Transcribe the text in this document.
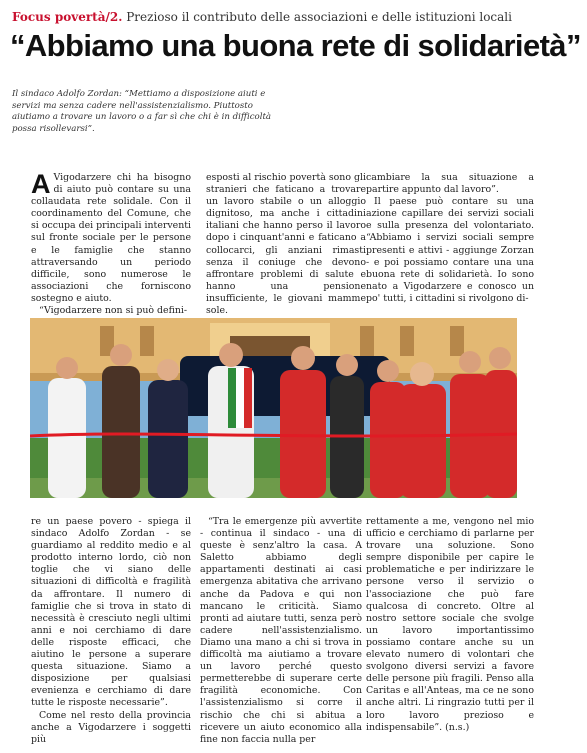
Focus povertà/2. Prezioso il contributo delle associazioni e delle istituzioni locali
“Abbiamo una buona rete di solidarietà”
Il sindaco Adolfo Zordan: “Mettiamo a disposizione aiuti e servizi ma senza cadere nell'assistenzialismo. Piuttosto aiutiamo a trovare un lavoro o a far sì che chi è in difficoltà possa risollevarsi”.

A Vigodarzere chi ha bisogno di aiuto può contare su una collaudata rete solidale. Con il coordinamento del Comune, che si occupa dei principali interventi sul fronte sociale per le persone e le famiglie che stanno attraversando un periodo difficile, sono numerose le associazioni che forniscono sostegno e aiuto.

“Vigodarzere non si può defini-

esposti al rischio povertà sono gli stranieri che faticano a trovare un lavoro stabile o un alloggio dignitoso, ma anche i cittadini italiani che hanno perso il lavoro dopo i cinquant'anni e faticano a collocarci, gli anziani rimasti senza il coniuge che devono affrontare problemi di salute e hanno una pensione insufficiente, le giovani mamme sole.

cambiare la sua situazione a partire appunto dal lavoro”.

Il paese può contare su una azione capillare dei servizi sociali e sulla presenza del volontariato. “Abbiamo i servizi sociali sempre presenti e attivi - aggiunge Zorzan - e poi possiamo contare una una buona rete di solidarietà. Io sono nato a Vigodarzere e conosco un po' tutti, i cittadini si rivolgono di-

re un paese povero - spiega il sindaco Adolfo Zordan - se guardiamo al reddito medio e al prodotto interno lordo, ciò non toglie che vi siano delle situazioni di difficoltà e fragilità da affrontare. Il numero di famiglie che si trova in stato di necessità è cresciuto negli ultimi anni e noi cerchiamo di dare delle risposte efficaci, che aiutino le persone a superare questa situazione. Siamo a disposizione per qualsiasi evenienza e cerchiamo di dare tutte le risposte necessarie”.

Come nel resto della provincia anche a Vigodarzere i soggetti più

“Tra le emergenze più avvertite - continua il sindaco - una di queste è senz'altro la casa. A Saletto abbiamo degli appartamenti destinati ai casi emergenza abitativa che arrivano anche da Padova e qui non mancano le criticità. Siamo pronti ad aiutare tutti, senza però cadere nell'assistenzialismo. Diamo una mano a chi si trova in difficoltà ma aiutiamo a trovare un lavoro perché questo permetterebbe di superare certe fragilità economiche. Con l'assistenzialismo si corre il rischio che chi si abitua a ricevere un aiuto economico alla fine non faccia nulla per

rettamente a me, vengono nel mio ufficio e cerchiamo di parlarne per trovare una soluzione. Sono sempre disponibile per capire le problematiche e per indirizzare le persone verso il servizio o l'associazione che può fare qualcosa di concreto. Oltre al nostro settore sociale che svolge un lavoro importantissimo possiamo contare anche su un elevato numero di volontari che svolgono diversi servizi a favore delle persone più fragili. Penso alla Caritas e all'Anteas, ma ce ne sono anche altri. Li ringrazio tutti per il loro lavoro prezioso e indispensabile”. (n.s.)
